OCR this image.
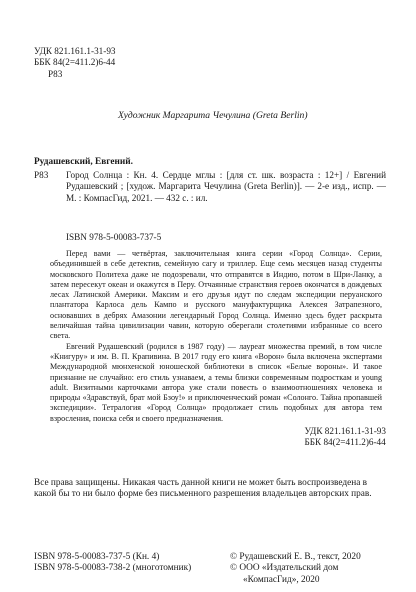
УДК 821.161.1-31-93
ББК 84(2=411.2)6-44
Р83
Художник Маргарита Чечулина (Greta Berlin)
Рудашевский, Евгений.
Р83 Город Солнца : Кн. 4. Сердце мглы : [для ст. шк. возраста : 12+] / Евгений Рудашевский ; [худож. Маргарита Чечулина (Greta Berlin)]. — 2-е изд., испр. — М. : КомпасГид, 2021. — 432 с. : ил.
ISBN 978-5-00083-737-5

Перед вами — четвёртая, заключительная книга серии «Город Солнца». Серии, объединившей в себе детектив, семейную сагу и триллер. Еще семь месяцев назад студенты московского Политеха даже не подозревали, что отправятся в Индию, потом в Шри-Ланку, а затем пересекут океан и окажутся в Перу. Отчаянные странствия героев окончатся в дождевых лесах Латинской Америки. Максим и его друзья идут по следам экспедиции перуанского плантатора Карлоса дель Кампо и русского мануфактурщика Алексея Затрапезного, основавших в дебрях Амазонии легендарный Город Солнца. Именно здесь будет раскрыта величайшая тайна цивилизации чавин, которую оберегали столетиями избранные со всего света.

Евгений Рудашевский (родился в 1987 году) — лауреат множества премий, в том числе «Книгуру» и им. В. П. Крапивина. В 2017 году его книга «Ворон» была включена экспертами Международной мюнхенской юношеской библиотеки в список «Белые вороны». И такое признание не случайно: его стиль узнаваем, а темы близки современным подросткам и young adult. Визитными карточками автора уже стали повесть о взаимоотношениях человека и природы «Здравствуй, брат мой Бзоу!» и приключенческий роман «Солонго. Тайна пропавшей экспедиции». Тетралогия «Город Солнца» продолжает стиль подобных для автора тем взросления, поиска себя и своего предназначения.

УДК 821.161.1-31-93
ББК 84(2=411.2)6-44
Все права защищены. Никакая часть данной книги не может быть воспроизведена в какой бы то ни было форме без письменного разрешения владельцев авторских прав.
ISBN 978-5-00083-737-5 (Кн. 4)
ISBN 978-5-00083-738-2 (многотомник)
© Рудашевский Е. В., текст, 2020
© ООО «Издательский дом
«КомпасГид», 2020
